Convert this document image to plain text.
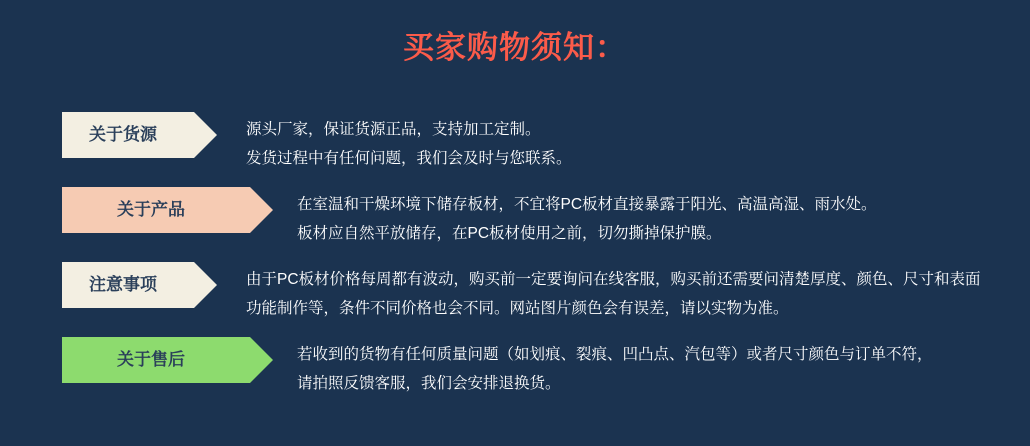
买家购物须知：
关于货源	源头厂家，保证货源正品，支持加工定制。
发货过程中有任何问题，我们会及时与您联系。
关于产品	在室温和干燥环境下储存板材，不宜将PC板材直接暴露于阳光、高温高湿、雨水处。
板材应自然平放储存，在PC板材使用之前，切勿撕掉保护膜。
注意事项	由于PC板材价格每周都有波动，购买前一定要询问在线客服，购买前还需要问清楚厚度、颜色、尺寸和表面
功能制作等，条件不同价格也会不同。网站图片颜色会有误差，请以实物为准。
关于售后	若收到的货物有任何质量问题（如划痕、裂痕、凹凸点、汽包等）或者尺寸颜色与订单不符，
请拍照反馈客服，我们会安排退换货。
